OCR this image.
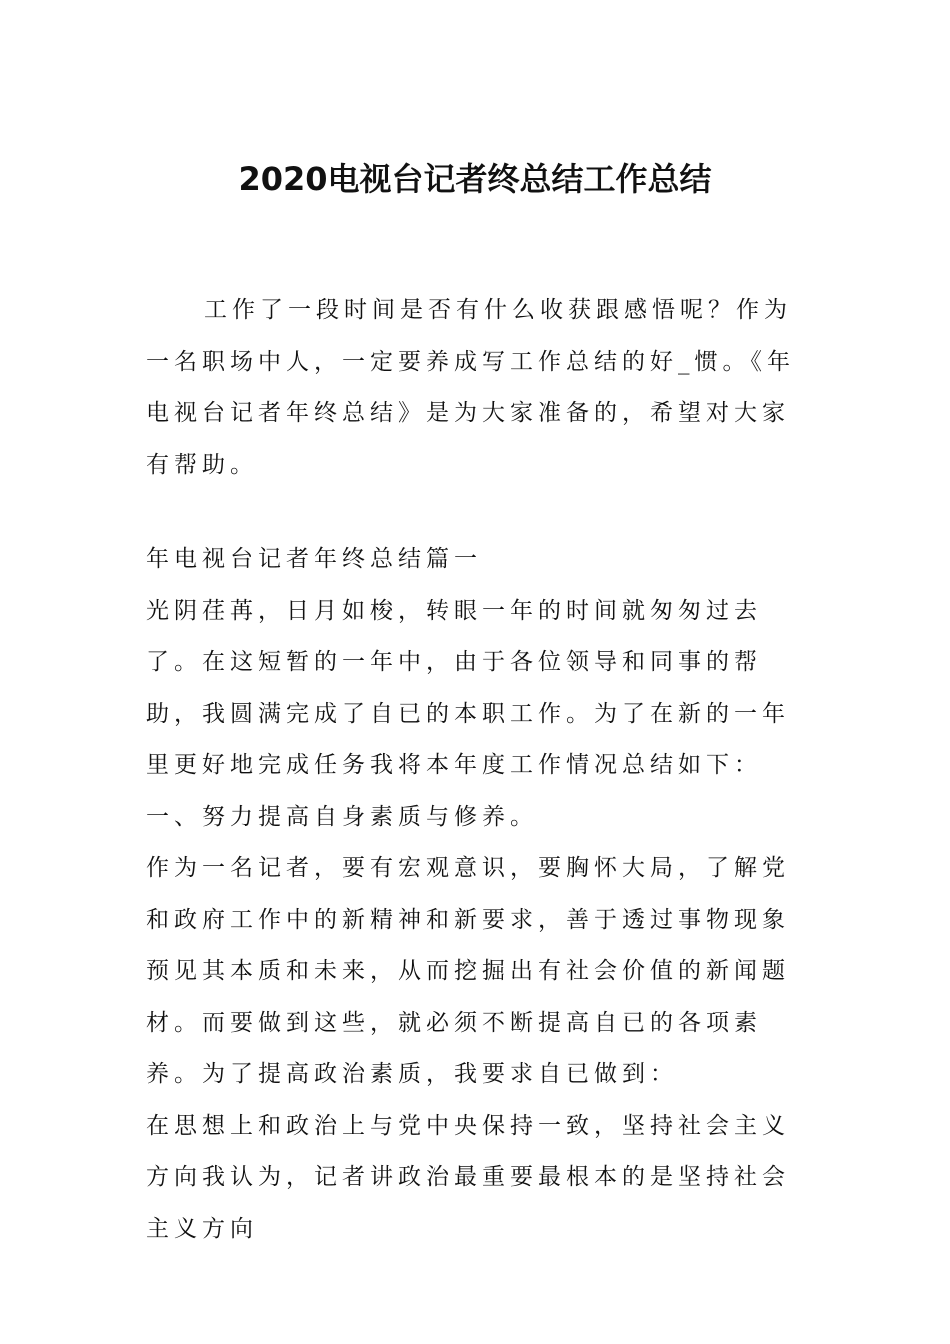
2020电视台记者终总结工作总结

工作了一段时间是否有什么收获跟感悟呢？作为一名职场中人，一定要养成写工作总结的好_惯。《年电视台记者年终总结》是为大家准备的，希望对大家有帮助。

年电视台记者年终总结篇一

光阴荏苒，日月如梭，转眼一年的时间就匆匆过去了。在这短暂的一年中，由于各位领导和同事的帮助，我圆满完成了自已的本职工作。为了在新的一年里更好地完成任务我将本年度工作情况总结如下：

一、努力提高自身素质与修养。

作为一名记者，要有宏观意识，要胸怀大局，了解党和政府工作中的新精神和新要求，善于透过事物现象预见其本质和未来，从而挖掘出有社会价值的新闻题材。而要做到这些，就必须不断提高自已的各项素养。为了提高政治素质，我要求自已做到：

在思想上和政治上与党中央保持一致，坚持社会主义方向我认为，记者讲政治最重要最根本的是坚持社会主义方向
